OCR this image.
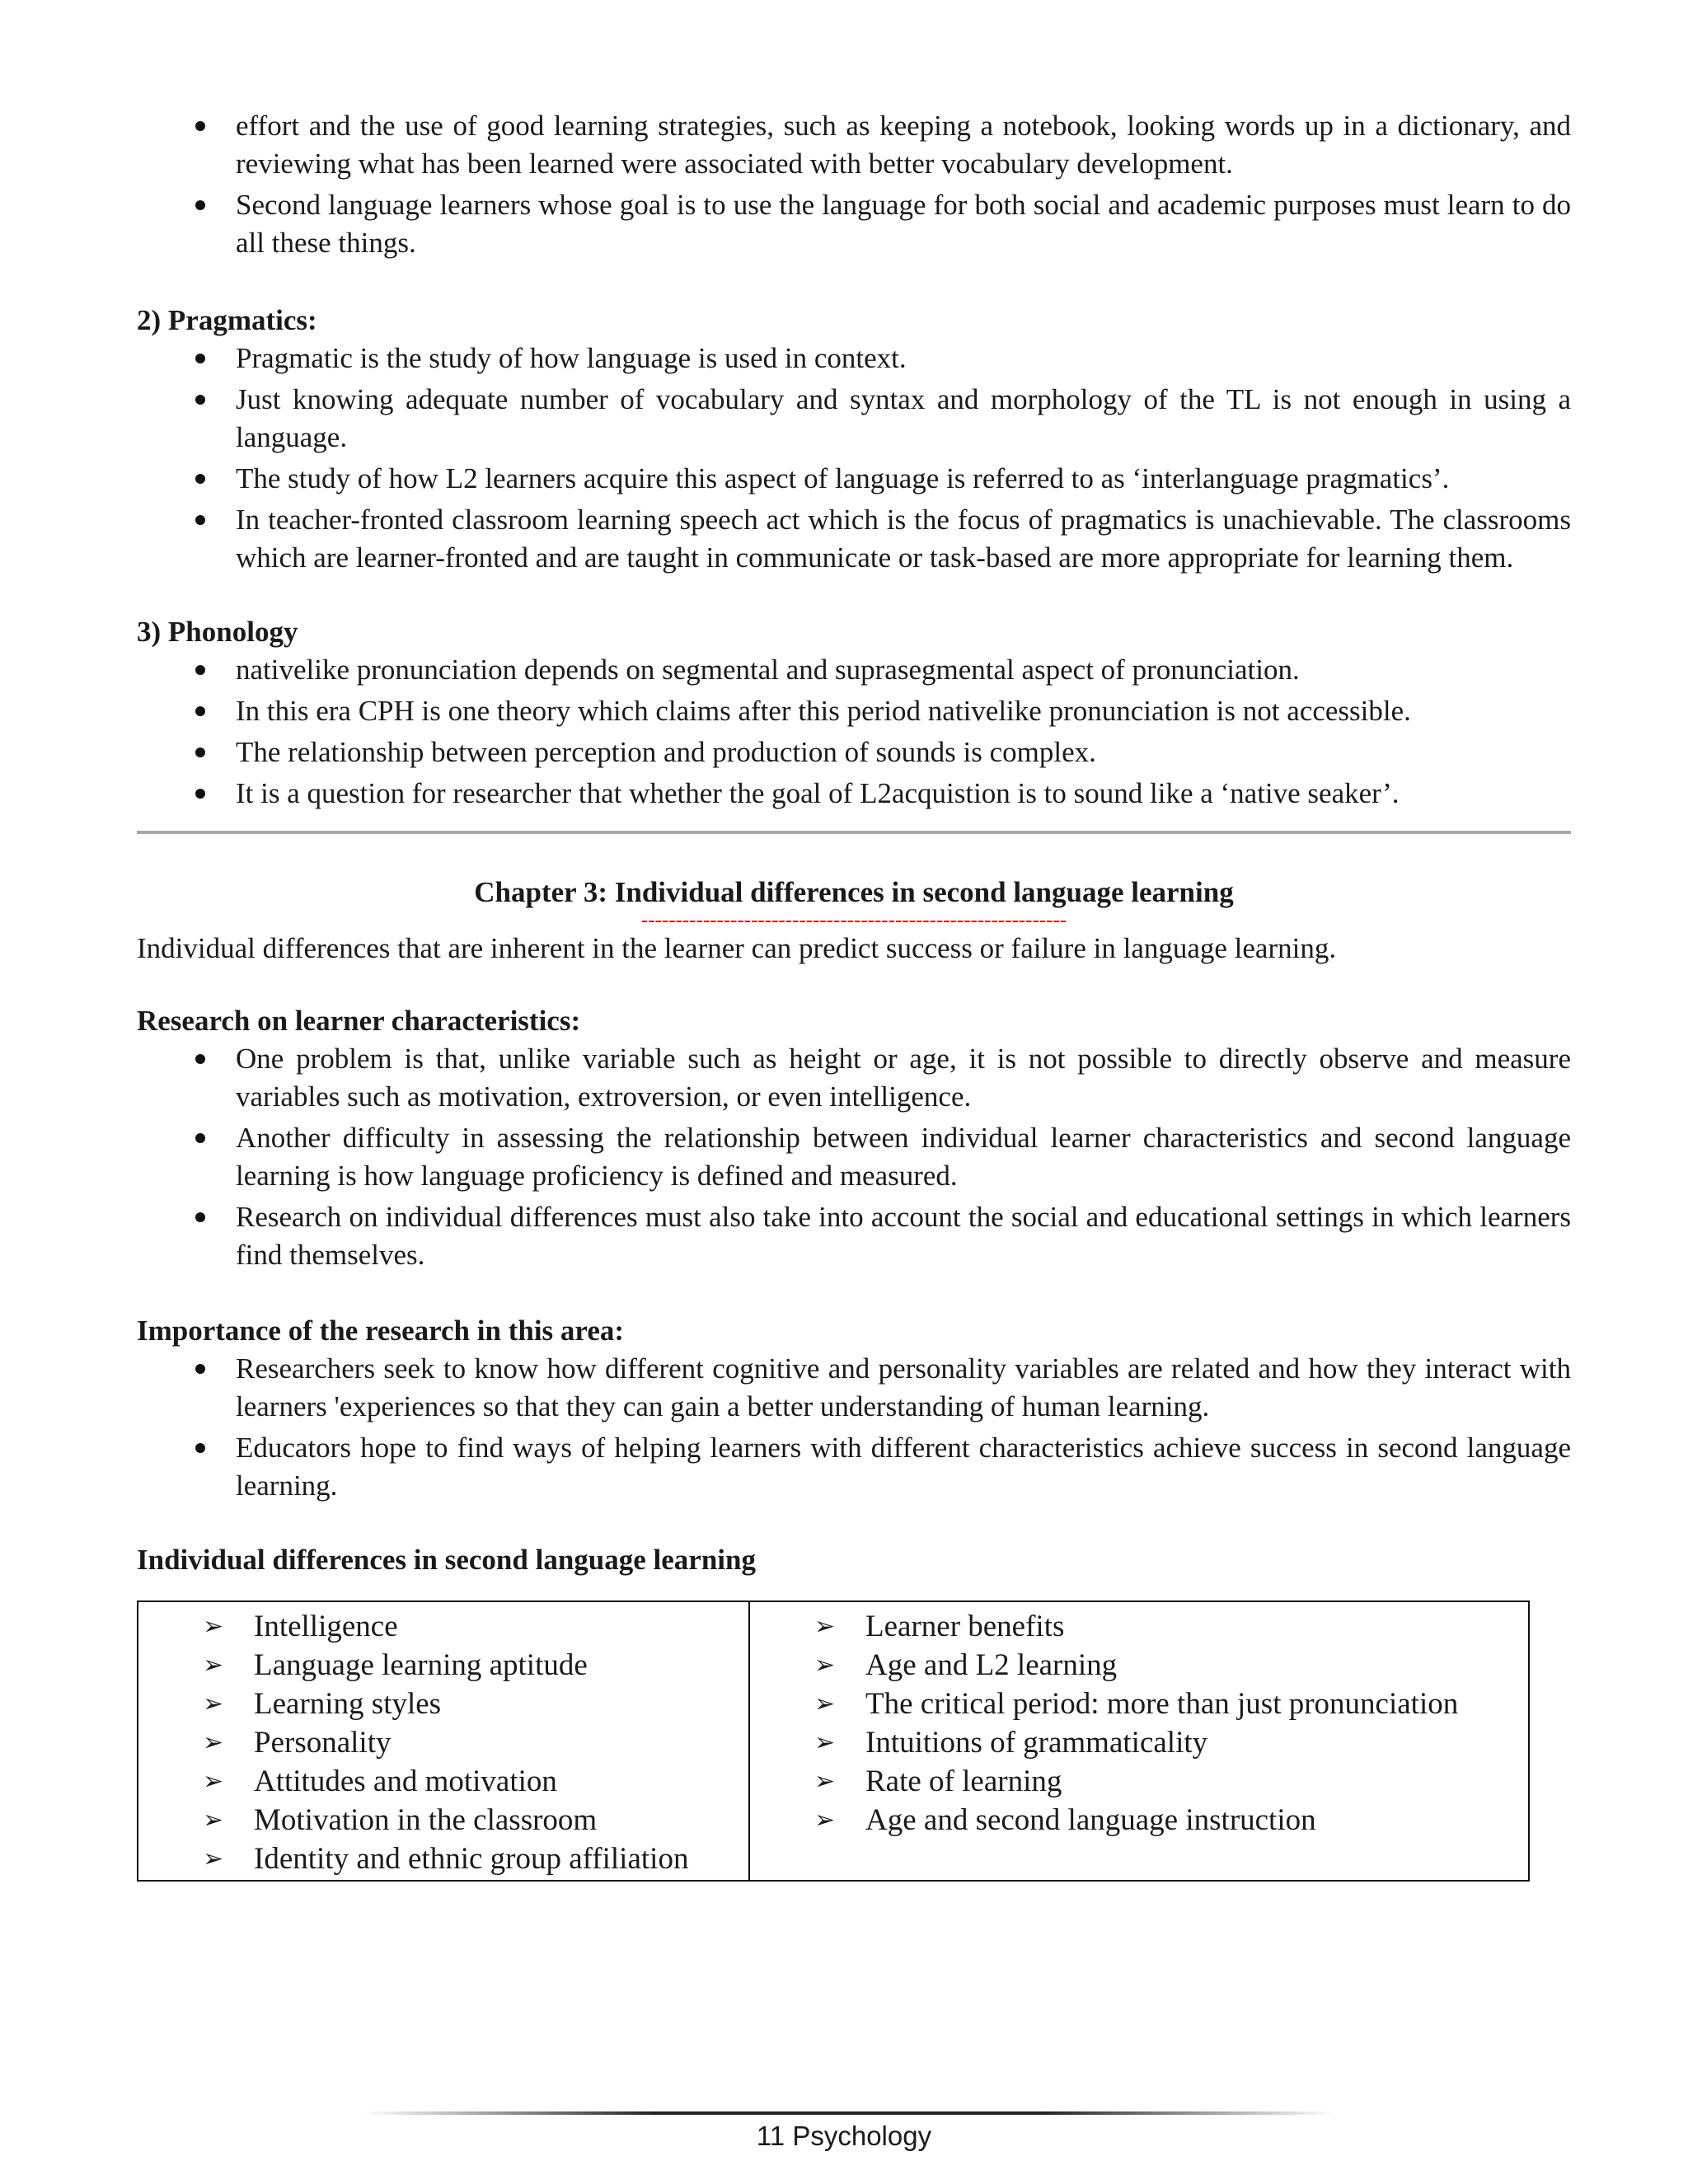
effort and the use of good learning strategies, such as keeping a notebook, looking words up in a dictionary, and reviewing what has been learned were associated with better vocabulary development.
Second language learners whose goal is to use the language for both social and academic purposes must learn to do all these things.

2) Pragmatics:

Pragmatic is the study of how language is used in context.
Just knowing adequate number of vocabulary and syntax and morphology of the TL is not enough in using a language.
The study of how L2 learners acquire this aspect of language is referred to as ‘interlanguage pragmatics’.
In teacher-fronted classroom learning speech act which is the focus of pragmatics is unachievable. The classrooms which are learner-fronted and are taught in communicate or task-based are more appropriate for learning them.

3) Phonology

nativelike pronunciation depends on segmental and suprasegmental aspect of pronunciation.
In this era CPH is one theory which claims after this period nativelike pronunciation is not accessible.
The relationship between perception and production of sounds is complex.
It is a question for researcher that whether the goal of L2acquistion is to sound like a ‘native seaker’.

Chapter 3: Individual differences in second language learning

--------------------------------------------------------------

Individual differences that are inherent in the learner can predict success or failure in language learning.

Research on learner characteristics:

One problem is that, unlike variable such as height or age, it is not possible to directly observe and measure variables such as motivation, extroversion, or even intelligence.
Another difficulty in assessing the relationship between individual learner characteristics and second language learning is how language proficiency is defined and measured.
Research on individual differences must also take into account the social and educational settings in which learners find themselves.

Importance of the research in this area:

Researchers seek to know how different cognitive and personality variables are related and how they interact with learners 'experiences so that they can gain a better understanding of human learning.
Educators hope to find ways of helping learners with different characteristics achieve success in second language learning.

Individual differences in second language learning

➢ Intelligence
➢ Language learning aptitude
➢ Learning styles
➢ Personality
➢ Attitudes and motivation
➢ Motivation in the classroom
➢ Identity and ethnic group affiliation

➢ Learner benefits
➢ Age and L2 learning
➢ The critical period: more than just pronunciation
➢ Intuitions of grammaticality
➢ Rate of learning
➢ Age and second language instruction
11 Psychology
